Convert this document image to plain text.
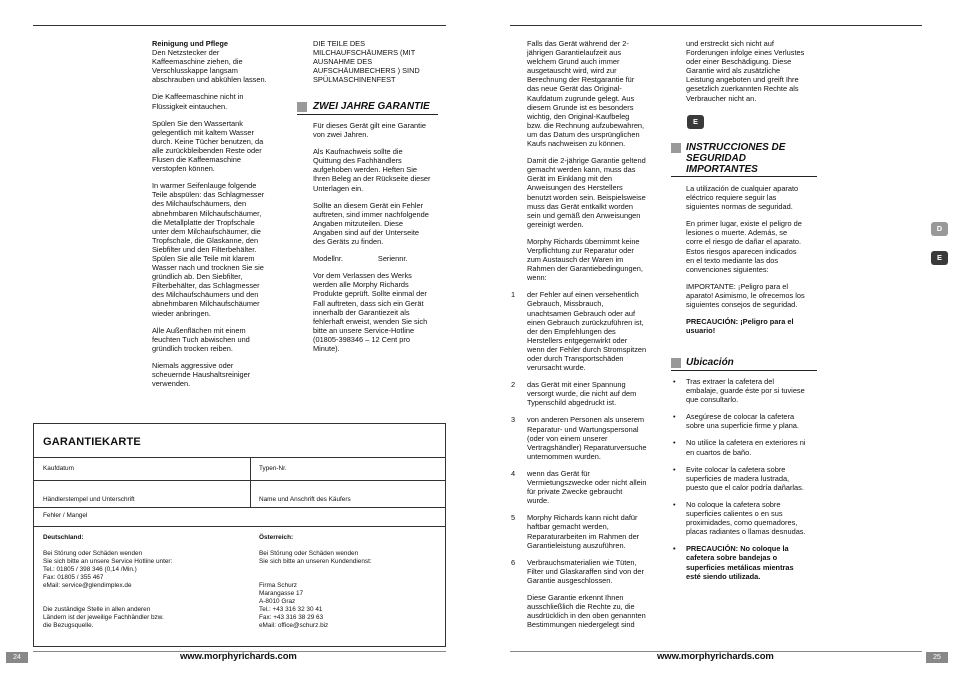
Reinigung und Pflege

Den Netzstecker der
Kaffeemaschine ziehen, die
Verschlusskappe langsam
abschrauben und abkühlen lassen.

Die Kaffeemaschine nicht in
Flüssigkeit eintauchen.

Spülen Sie den Wassertank
gelegentlich mit kaltem Wasser
durch. Keine Tücher benutzen, da
alle zurückbleibenden Reste oder
Flusen die Kaffeemaschine
verstopfen können.

In warmer Seifenlauge folgende
Teile abspülen: das Schlagmesser
des Milchaufschäumers, den
abnehmbaren Milchaufschäumer,
die Metallplatte der Tropfschale
unter dem Milchaufschäumer, die
Tropfschale, die Glaskanne, den
Siebfilter und den Filterbehälter.
Spülen Sie alle Teile mit klarem
Wasser nach und trocknen Sie sie
gründlich ab. Den Siebfilter,
Filterbehälter, das Schlagmesser
des Milchaufschäumers und den
abnehmbaren Milchaufschäumer
wieder anbringen.

Alle Außenflächen mit einem
feuchten Tuch abwischen und
gründlich trocken reiben.

Niemals aggressive oder
scheuernde Haushaltsreiniger
verwenden.

DIE TEILE DES
MILCHAUFSCHÄUMERS (MIT
AUSNAHME DES
AUFSCHÄUMBECHERS ) SIND
SPÜLMASCHINENFEST

ZWEI JAHRE GARANTIE

Für dieses Gerät gilt eine Garantie
von zwei Jahren.

Als Kaufnachweis sollte die
Quittung des Fachhändlers
aufgehoben werden. Heften Sie
Ihren Beleg an der Rückseite dieser
Unterlagen ein.

Sollte an diesem Gerät ein Fehler
auftreten, sind immer nachfolgende
Angaben mitzuteilen. Diese
Angaben sind auf der Unterseite
des Geräts zu finden.

Modellnr.                 Seriennr.

Vor dem Verlassen des Werks
werden alle Morphy Richards
Produkte geprüft. Sollte einmal der
Fall auftreten, dass sich ein Gerät
innerhalb der Garantiezeit als
fehlerhaft erweist, wenden Sie sich
bitte an unsere Service-Hotline
(01805-398346 – 12 Cent pro
Minute).

GARANTIEKARTE
Kaufdatum	Typen-Nr.
Händlerstempel und Unterschrift	Name und Anschrift des Käufers
Fehler / Mangel
Deutschland:
Bei Störung oder Schäden wenden
Sie sich bitte an unsere Service Hotline unter:
Tel.: 01805 / 398 346 (0,14 /Min.)
Fax: 01805 / 355 467
eMail: service@glendimplex.de
Die zuständige Stelle in allen anderen
Ländern ist der jeweilige Fachhändler bzw.
die Bezugsquelle.
Österreich:
Bei Störung oder Schäden wenden
Sie sich bitte an unseren Kundendienst:
Firma Schurz
Marangasse 17
A-8010 Graz
Tel.: +43 316 32 30 41
Fax: +43 316 38 29 63
eMail: office@schurz.biz
24	www.morphyrichards.com

Falls das Gerät während der 2-
jährigen Garantielaufzeit aus
welchem Grund auch immer
ausgetauscht wird, wird zur
Berechnung der Restgarantie für
das neue Gerät das Original-
Kaufdatum zugrunde gelegt. Aus
diesem Grunde ist es besonders
wichtig, den Original-Kaufbeleg
bzw. die Rechnung aufzubewahren,
um das Datum des ursprünglichen
Kaufs nachweisen zu können.

Damit die 2-jährige Garantie geltend
gemacht werden kann, muss das
Gerät im Einklang mit den
Anweisungen des Herstellers
benutzt worden sein. Beispielsweise
muss das Gerät entkalkt worden
sein und gemäß den Anweisungen
gereinigt werden.

Morphy Richards übernimmt keine
Verpflichtung zur Reparatur oder
zum Austausch der Waren im
Rahmen der Garantiebedingungen,
wenn:

1 der Fehler auf einen versehentlich
Gebrauch, Missbrauch,
unachtsamen Gebrauch oder auf
einen Gebrauch zurückzuführen ist,
der den Empfehlungen des
Herstellers entgegenwirkt oder
wenn der Fehler durch Stromspitzen
oder durch Transportschäden
verursacht wurde.
2 das Gerät mit einer Spannung
versorgt wurde, die nicht auf dem
Typenschild abgedruckt ist.
3 von anderen Personen als unserem
Reparatur- und Wartungspersonal
(oder von einem unserer
Vertragshändler) Reparaturversuche
unternommen wurden.
4 wenn das Gerät für
Vermietungszwecke oder nicht allein
für private Zwecke gebraucht
wurde.
5 Morphy Richards kann nicht dafür
haftbar gemacht werden,
Reparaturarbeiten im Rahmen der
Garantieleistung auszuführen.
6 Verbrauchsmaterialien wie Tüten,
Filter und Glaskaraffen sind von der
Garantie ausgeschlossen.

Diese Garantie erkennt Ihnen
ausschließlich die Rechte zu, die
ausdrücklich in den oben genannten
Bestimmungen niedergelegt sind

und erstreckt sich nicht auf
Forderungen infolge eines Verlustes
oder einer Beschädigung. Diese
Garantie wird als zusätzliche
Leistung angeboten und greift Ihre
gesetzlich zuerkannten Rechte als
Verbraucher nicht an.

E
INSTRUCCIONES DE
SEGURIDAD
IMPORTANTES

La utilización de cualquier aparato
eléctrico requiere seguir las
siguientes normas de seguridad.

En primer lugar, existe el peligro de
lesiones o muerte. Además, se
corre el riesgo de dañar el aparato.
Estos riesgos aparecen indicados
en el texto mediante las dos
convenciones siguientes:

IMPORTANTE: ¡Peligro para el
aparato! Asimismo, le ofrecemos los
siguientes consejos de seguridad.

PRECAUCIÓN: ¡Peligro para el
usuario!

Ubicación
• Tras extraer la cafetera del
embalaje, guarde éste por si tuviese
que consultarlo.
• Asegúrese de colocar la cafetera
sobre una superficie firme y plana.
• No utilice la cafetera en exteriores ni
en cuartos de baño.
• Evite colocar la cafetera sobre
superficies de madera lustrada,
puesto que el calor podría dañarlas.
• No coloque la cafetera sobre
superficies calientes o en sus
proximidades, como quemadores,
placas radiantes o llamas desnudas.
• PRECAUCIÓN: No coloque la
cafetera sobre bandejas o
superficies metálicas mientras
esté siendo utilizada.
D
E
www.morphyrichards.com	25
